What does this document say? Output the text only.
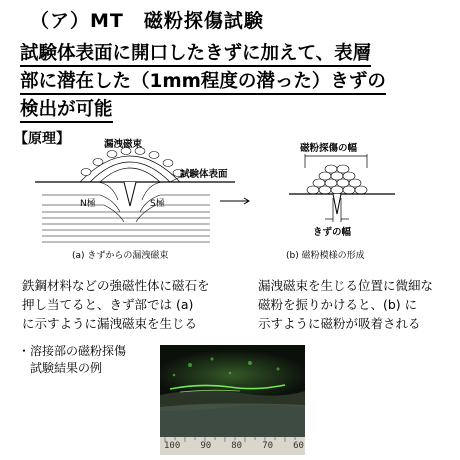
（ア）MT　磁粉探傷試験
試験体表面に開口したきずに加えて、表層
部に潜在した（1mm程度の潜った）きずの
検出が可能
【原理】	漏洩磁束
試験体表面
N極	S極
(a) きずからの漏洩磁束
磁粉探傷の幅
きずの幅
(b) 磁粉模様の形成
鉄鋼材料などの強磁性体に磁石を
押し当てると、きず部では (a)
に示すように漏洩磁束を生じる
漏洩磁束を生じる位置に微細な
磁粉を振りかけると、(b) に
示すように磁粉が吸着される
・溶接部の磁粉探傷
　試験結果の例
100 90 80 70 60
